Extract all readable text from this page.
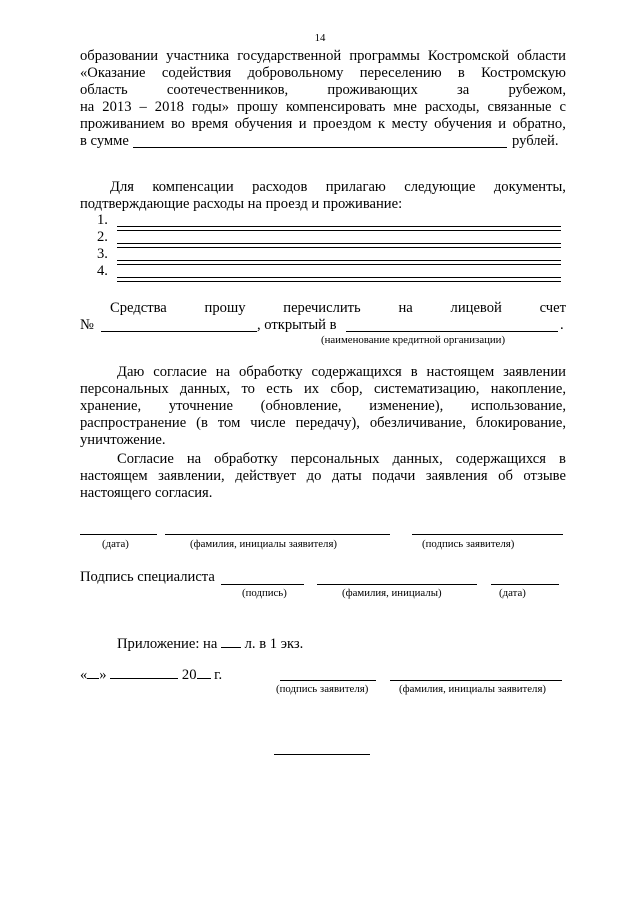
14
образовании участника государственной программы Костромской области
«Оказание содействия добровольному переселению в Костромскую
область	соотечественников,	проживающих	за	рубежом,
на 2013 – 2018 годы» прошу компенсировать мне расходы, связанные с
проживанием во время обучения и проездом к месту обучения и обратно,
в сумме	рублей.
Для компенсации расходов прилагаю следующие документы,
подтверждающие расходы на проезд и проживание:
1.
2.
3.
4.
Средства	прошу	перечислить	на	лицевой	счет
№	, открытый в	.
(наименование кредитной организации)
Даю согласие на обработку содержащихся в настоящем заявлении
персональных данных, то есть их сбор, систематизацию, накопление,
хранение, уточнение (обновление, изменение), использование,
распространение (в том числе передачу), обезличивание, блокирование,
уничтожение.
Согласие на обработку персональных данных, содержащихся в
настоящем заявлении, действует до даты подачи заявления об отзыве
настоящего согласия.
(дата)	(фамилия, инициалы заявителя)	(подпись заявителя)
Подпись специалиста
(подпись)	(фамилия, инициалы)	(дата)
Приложение: на л. в 1 экз.
« »	20 г.
(подпись заявителя)	(фамилия, инициалы заявителя)
